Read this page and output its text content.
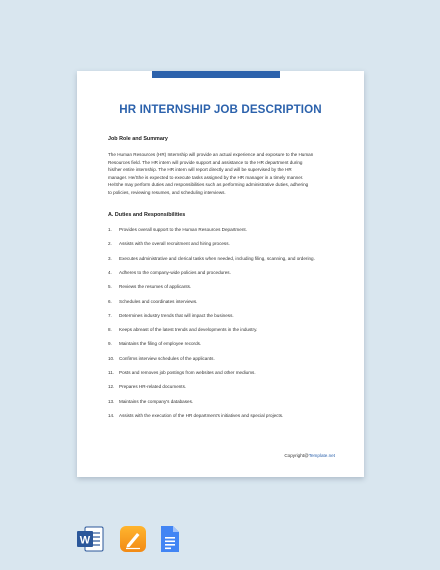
HR INTERNSHIP JOB DESCRIPTION
Job Role and Summary
The Human Resources (HR) Internship will provide an actual experience and exposure to the Human
Resources field. The HR intern will provide support and assistance to the HR department during
his/her entire internship. The HR intern will report directly and will be supervised by the HR
manager. He/She is expected to execute tasks assigned by the HR manager in a timely manner.
He/She may perform duties and responsibilities such as performing administrative duties, adhering
to policies, reviewing resumes, and scheduling interviews.
A. Duties and Responsibilities
1. Provides overall support to the Human Resources Department.
2. Assists with the overall recruitment and hiring process.
3. Executes administrative and clerical tasks when needed, including filing, scanning, and ordering.
4. Adheres to the company-wide policies and procedures.
5. Reviews the resumes of applicants.
6. Schedules and coordinates interviews.
7. Determines industry trends that will impact the business.
8. Keeps abreast of the latest trends and developments in the industry.
9. Maintains the filing of employee records.
10. Confirms interview schedules of the applicants.
11. Posts and removes job postings from websites and other mediums.
12. Prepares HR-related documents.
13. Maintains the company's databases.
14. Assists with the execution of the HR department's initiatives and special projects.
Copyright@Template.net
W
